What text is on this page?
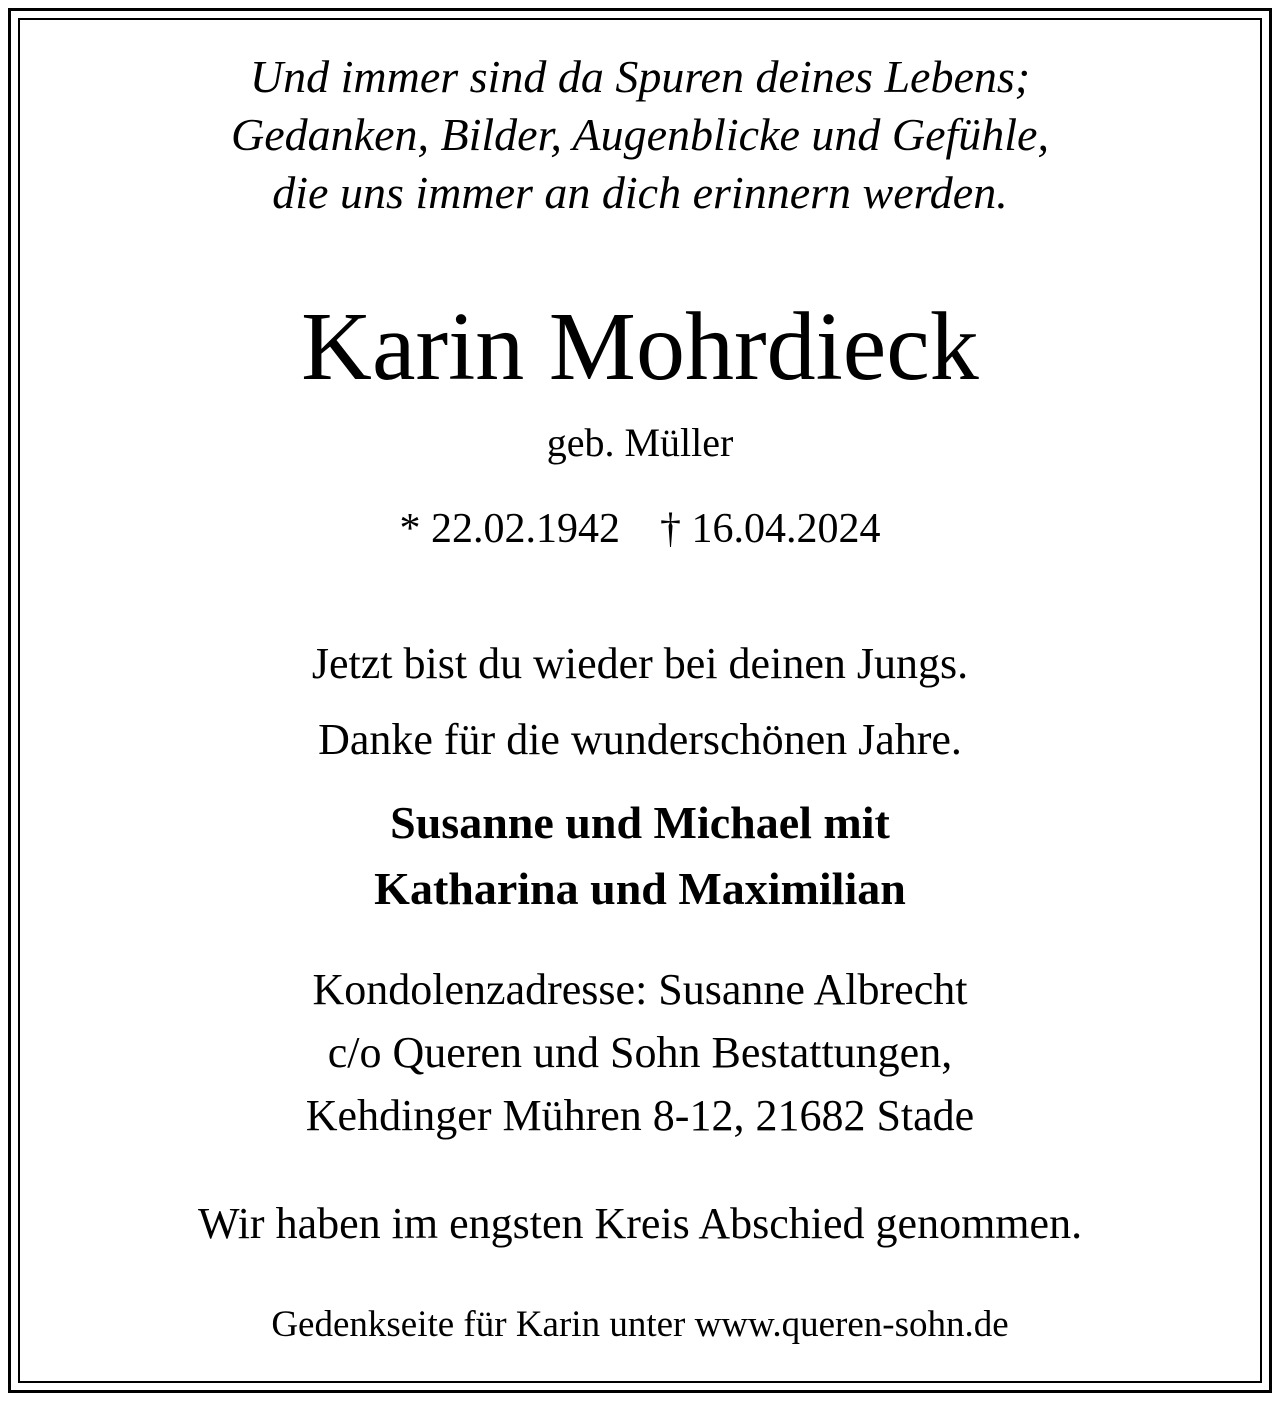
Und immer sind da Spuren deines Lebens;
Gedanken, Bilder, Augenblicke und Gefühle,
die uns immer an dich erinnern werden.
Karin Mohrdieck
geb. Müller
* 22.02.1942 † 16.04.2024
Jetzt bist du wieder bei deinen Jungs.
Danke für die wunderschönen Jahre.
Susanne und Michael mit
Katharina und Maximilian
Kondolenzadresse: Susanne Albrecht
c/o Queren und Sohn Bestattungen,
Kehdinger Mühren 8-12, 21682 Stade
Wir haben im engsten Kreis Abschied genommen.
Gedenkseite für Karin unter www.queren-sohn.de
